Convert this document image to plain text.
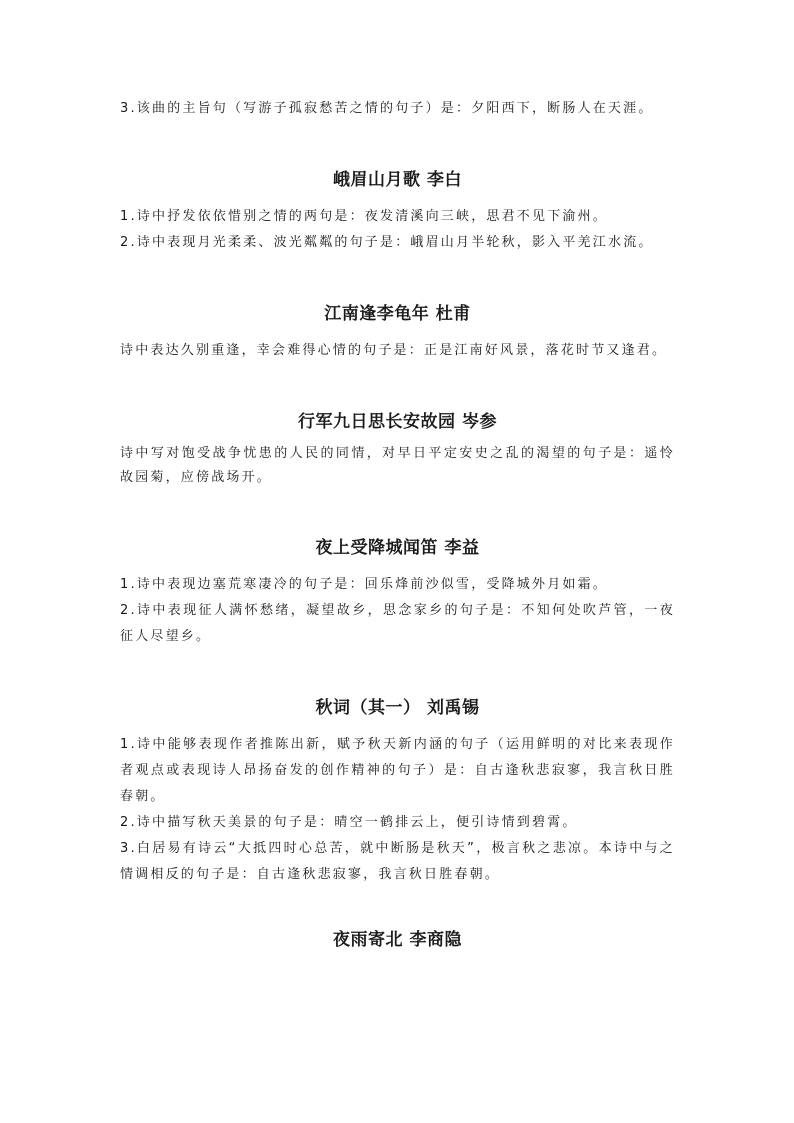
3.该曲的主旨句（写游子孤寂愁苦之情的句子）是：夕阳西下，断肠人在天涯。

峨眉山月歌 李白

1.诗中抒发依依惜别之情的两句是：夜发清溪向三峡，思君不见下渝州。

2.诗中表现月光柔柔、波光粼粼的句子是：峨眉山月半轮秋，影入平羌江水流。

江南逢李龟年 杜甫

诗中表达久别重逢，幸会难得心情的句子是：正是江南好风景，落花时节又逢君。

行军九日思长安故园 岑参

诗中写对饱受战争忧患的人民的同情，对早日平定安史之乱的渴望的句子是：遥怜故园菊，应傍战场开。

夜上受降城闻笛 李益

1.诗中表现边塞荒寒凄冷的句子是：回乐烽前沙似雪，受降城外月如霜。

2.诗中表现征人满怀愁绪，凝望故乡，思念家乡的句子是：不知何处吹芦管，一夜征人尽望乡。

秋词（其一） 刘禹锡

1.诗中能够表现作者推陈出新，赋予秋天新内涵的句子（运用鲜明的对比来表现作者观点或表现诗人昂扬奋发的创作精神的句子）是：自古逢秋悲寂寥，我言秋日胜春朝。

2.诗中描写秋天美景的句子是：晴空一鹤排云上，便引诗情到碧霄。

3.白居易有诗云“大抵四时心总苦，就中断肠是秋天”，极言秋之悲凉。本诗中与之情调相反的句子是：自古逢秋悲寂寥，我言秋日胜春朝。

夜雨寄北 李商隐
